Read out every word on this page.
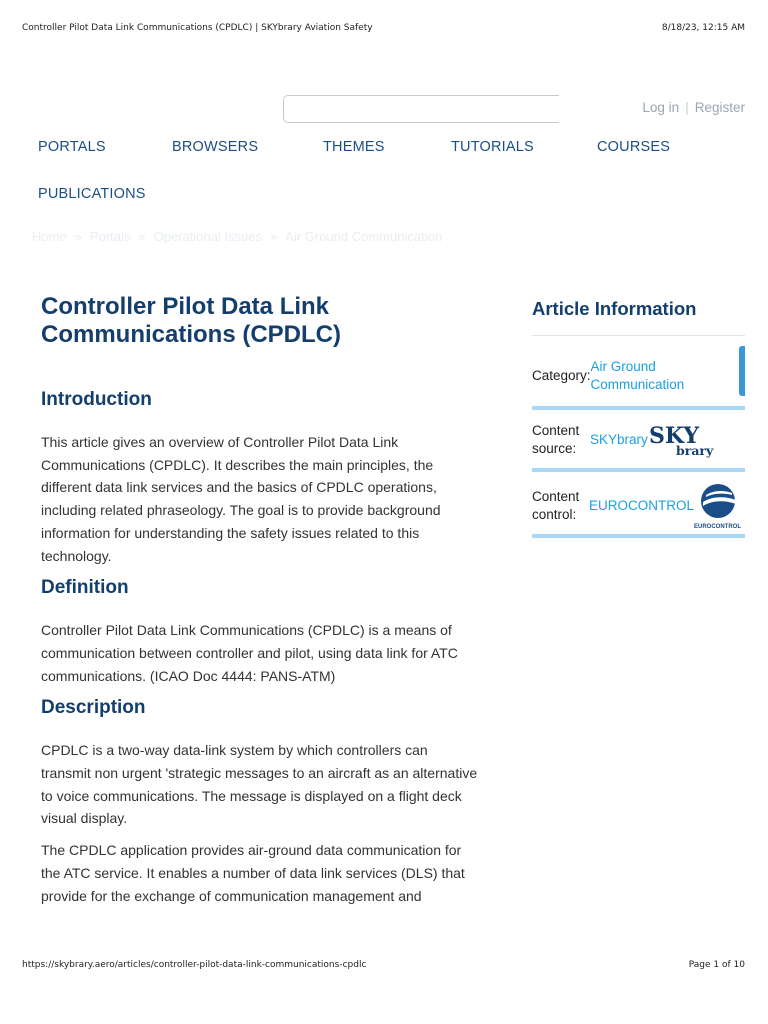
Controller Pilot Data Link Communications (CPDLC) | SKYbrary Aviation Safety	8/18/23, 12:15 AM
Log in | Register
PORTALS	BROWSERS	THEMES	TUTORIALS	COURSES
PUBLICATIONS
Home » Portals » Operational Issues » Air Ground Communication
Controller Pilot Data Link Communications (CPDLC)
Introduction

This article gives an overview of Controller Pilot Data Link Communications (CPDLC). It describes the main principles, the different data link services and the basics of CPDLC operations, including related phraseology. The goal is to provide background information for understanding the safety issues related to this technology.

Definition

Controller Pilot Data Link Communications (CPDLC) is a means of communication between controller and pilot, using data link for ATC communications. (ICAO Doc 4444: PANS-ATM)

Description

CPDLC is a two-way data-link system by which controllers can transmit non urgent 'strategic messages to an aircraft as an alternative to voice communications. The message is displayed on a flight deck visual display.

The CPDLC application provides air-ground data communication for the ATC service. It enables a number of data link services (DLS) that provide for the exchange of communication management and

Article Information
Category:
Air Ground Communication
Content source:
SKYbrary SKY
brary
Content control:
EUROCONTROL
EUROCONTROL
https://skybrary.aero/articles/controller-pilot-data-link-communications-cpdlc	Page 1 of 10
